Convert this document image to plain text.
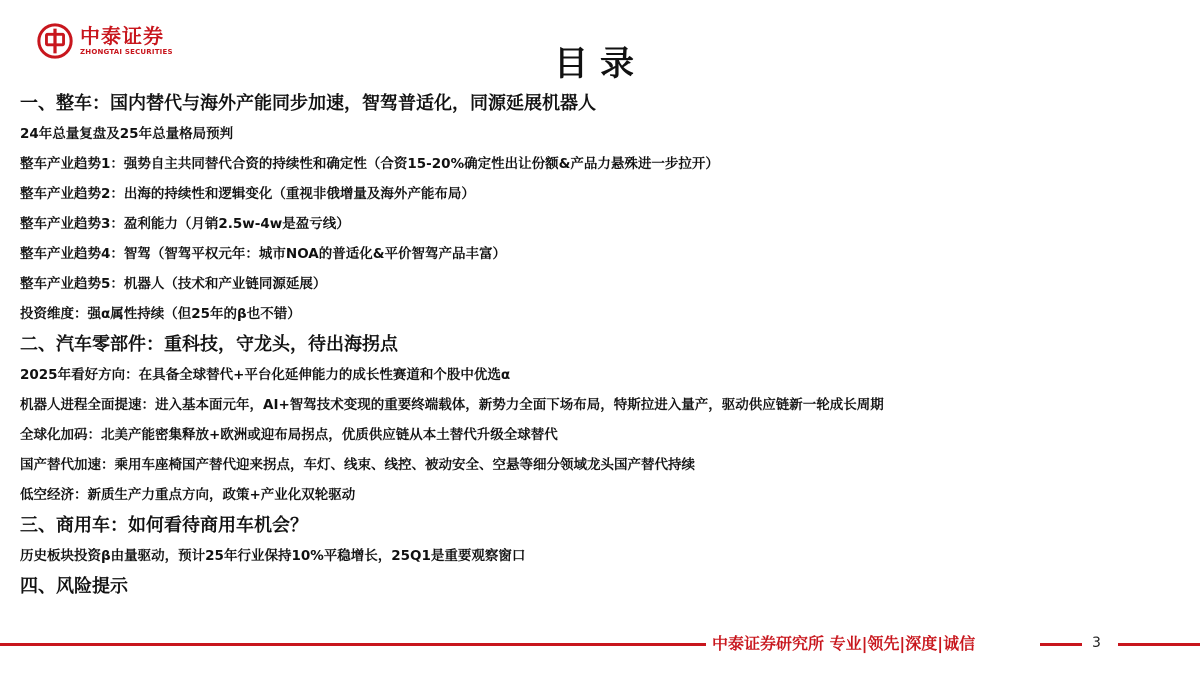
中泰证券
ZHONGTAI SECURITIES	目录
一、整车：国内替代与海外产能同步加速，智驾普适化，同源延展机器人
24年总量复盘及25年总量格局预判
整车产业趋势1：强势自主共同替代合资的持续性和确定性（合资15-20%确定性出让份额&产品力悬殊进一步拉开）
整车产业趋势2：出海的持续性和逻辑变化（重视非俄增量及海外产能布局）
整车产业趋势3：盈利能力（月销2.5w-4w是盈亏线）
整车产业趋势4：智驾（智驾平权元年：城市NOA的普适化&平价智驾产品丰富）
整车产业趋势5：机器人（技术和产业链同源延展）
投资维度：强α属性持续（但25年的β也不错）
二、汽车零部件：重科技，守龙头，待出海拐点
2025年看好方向：在具备全球替代+平台化延伸能力的成长性赛道和个股中优选α
机器人进程全面提速：进入基本面元年，AI+智驾技术变现的重要终端载体，新势力全面下场布局，特斯拉进入量产，驱动供应链新一轮成长周期
全球化加码：北美产能密集释放+欧洲或迎布局拐点，优质供应链从本土替代升级全球替代
国产替代加速：乘用车座椅国产替代迎来拐点，车灯、线束、线控、被动安全、空悬等细分领域龙头国产替代持续
低空经济：新质生产力重点方向，政策+产业化双轮驱动
三、商用车：如何看待商用车机会？
历史板块投资β由量驱动，预计25年行业保持10%平稳增长，25Q1是重要观察窗口
四、风险提示
中泰证券研究所 专业|领先|深度|诚信	3
